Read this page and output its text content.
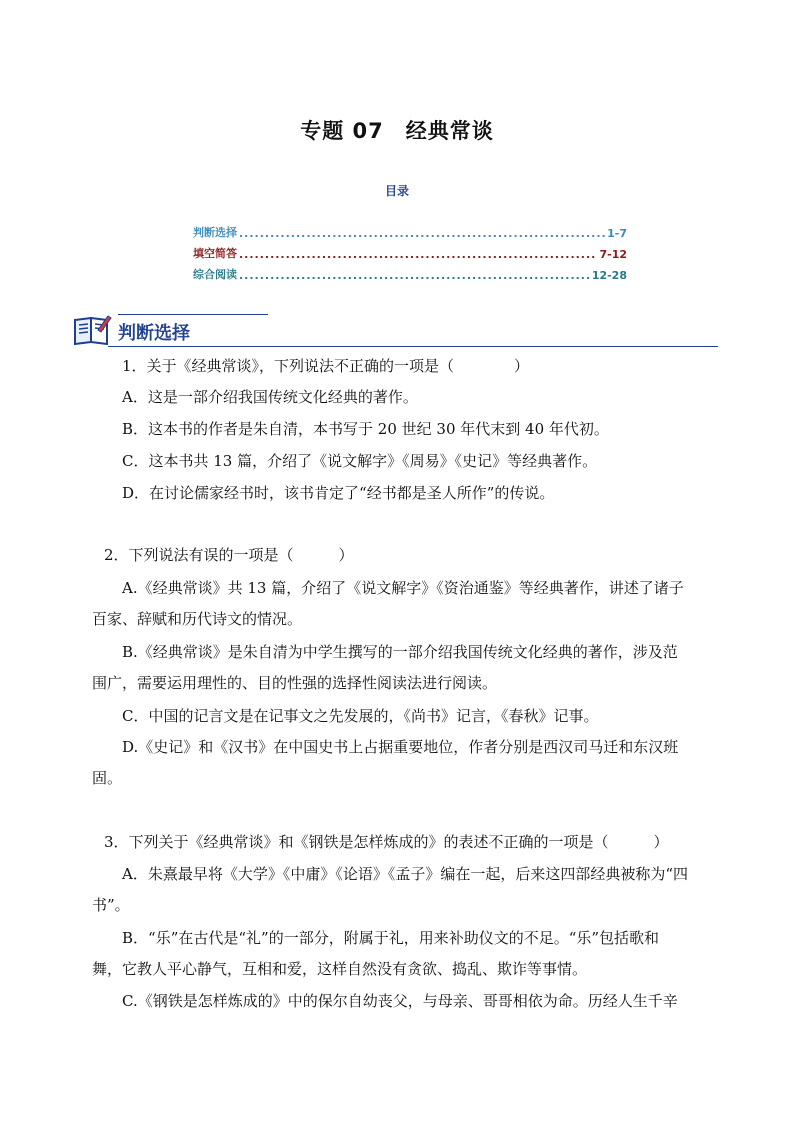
专题 07　经典常谈
目录
判断选择 .....	1-7
填空简答 .....	7-12
综合阅读 .....	12-28
判断选择
1．关于《经典常谈》，下列说法不正确的一项是（　　　　）
A．这是一部介绍我国传统文化经典的著作。
B．这本书的作者是朱自清，本书写于 20 世纪 30 年代末到 40 年代初。
C．这本书共 13 篇，介绍了《说文解字》《周易》《史记》等经典著作。
D．在讨论儒家经书时，该书肯定了“经书都是圣人所作”的传说。
2．下列说法有误的一项是（　　　）
A.《经典常谈》共 13 篇，介绍了《说文解字》《资治通鉴》等经典著作，讲述了诸子
百家、辞赋和历代诗文的情况。
B.《经典常谈》是朱自清为中学生撰写的一部介绍我国传统文化经典的著作，涉及范
围广，需要运用理性的、目的性强的选择性阅读法进行阅读。
C．中国的记言文是在记事文之先发展的，《尚书》记言，《春秋》记事。
D.《史记》和《汉书》在中国史书上占据重要地位，作者分别是西汉司马迁和东汉班
固。
3．下列关于《经典常谈》和《钢铁是怎样炼成的》的表述不正确的一项是（　　　）
A．朱熹最早将《大学》《中庸》《论语》《孟子》编在一起，后来这四部经典被称为“四
书”。
B．“乐”在古代是“礼”的一部分，附属于礼，用来补助仪文的不足。“乐”包括歌和
舞，它教人平心静气，互相和爱，这样自然没有贪欲、捣乱、欺诈等事情。
C.《钢铁是怎样炼成的》中的保尔自幼丧父，与母亲、哥哥相依为命。历经人生千辛
